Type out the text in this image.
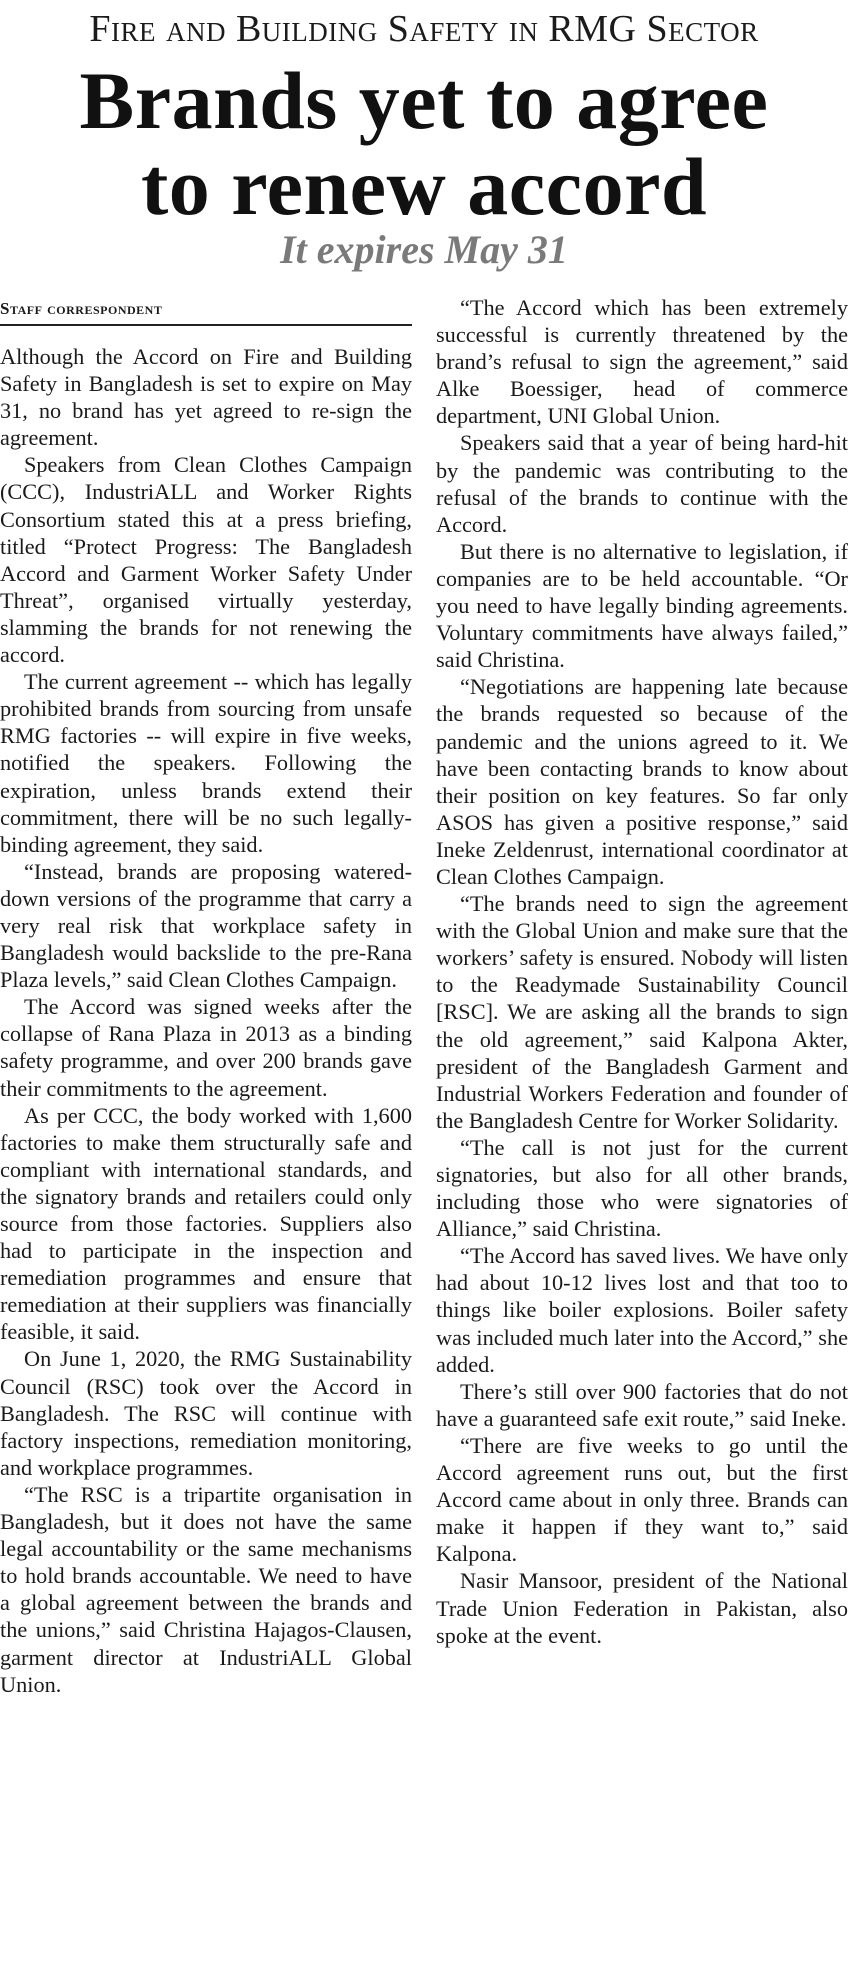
Fire and Building Safety in RMG Sector
Brands yet to agree
to renew accord
It expires May 31
Staff correspondent

Although the Accord on Fire and Building Safety in Bangladesh is set to expire on May 31, no brand has yet agreed to re-sign the agreement.

Speakers from Clean Clothes Campaign (CCC), IndustriALL and Worker Rights Consortium stated this at a press briefing, titled “Protect Progress: The Bangladesh Accord and Garment Worker Safety Under Threat”, organised virtually yesterday, slamming the brands for not renewing the accord.

The current agreement -- which has legally prohibited brands from sourcing from unsafe RMG factories -- will expire in five weeks, notified the speakers. Following the expiration, unless brands extend their commitment, there will be no such legally-binding agreement, they said.

“Instead, brands are proposing watered-down versions of the programme that carry a very real risk that workplace safety in Bangladesh would backslide to the pre-Rana Plaza levels,” said Clean Clothes Campaign.

The Accord was signed weeks after the collapse of Rana Plaza in 2013 as a binding safety programme, and over 200 brands gave their commitments to the agreement.

As per CCC, the body worked with 1,600 factories to make them structurally safe and compliant with international standards, and the signatory brands and retailers could only source from those factories. Suppliers also had to participate in the inspection and remediation programmes and ensure that remediation at their suppliers was financially feasible, it said.

On June 1, 2020, the RMG Sustainability Council (RSC) took over the Accord in Bangladesh. The RSC will continue with factory inspections, remediation monitoring, and workplace programmes.

“The RSC is a tripartite organisation in Bangladesh, but it does not have the same legal accountability or the same mechanisms to hold brands accountable. We need to have a global agreement between the brands and the unions,” said Christina Hajagos-Clausen, garment director at IndustriALL Global Union.

“The Accord which has been extremely successful is currently threatened by the brand’s refusal to sign the agreement,” said Alke Boessiger, head of commerce department, UNI Global Union.

Speakers said that a year of being hard-hit by the pandemic was contributing to the refusal of the brands to continue with the Accord.

But there is no alternative to legislation, if companies are to be held accountable. “Or you need to have legally binding agreements. Voluntary commitments have always failed,” said Christina.

“Negotiations are happening late because the brands requested so because of the pandemic and the unions agreed to it. We have been contacting brands to know about their position on key features. So far only ASOS has given a positive response,” said Ineke Zeldenrust, international coordinator at Clean Clothes Campaign.

“The brands need to sign the agreement with the Global Union and make sure that the workers’ safety is ensured. Nobody will listen to the Readymade Sustainability Council [RSC]. We are asking all the brands to sign the old agreement,” said Kalpona Akter, president of the Bangladesh Garment and Industrial Workers Federation and founder of the Bangladesh Centre for Worker Solidarity.

“The call is not just for the current signatories, but also for all other brands, including those who were signatories of Alliance,” said Christina.

“The Accord has saved lives. We have only had about 10-12 lives lost and that too to things like boiler explosions. Boiler safety was included much later into the Accord,” she added.

There’s still over 900 factories that do not have a guaranteed safe exit route,” said Ineke.

“There are five weeks to go until the Accord agreement runs out, but the first Accord came about in only three. Brands can make it happen if they want to,” said Kalpona.

Nasir Mansoor, president of the National Trade Union Federation in Pakistan, also spoke at the event.
